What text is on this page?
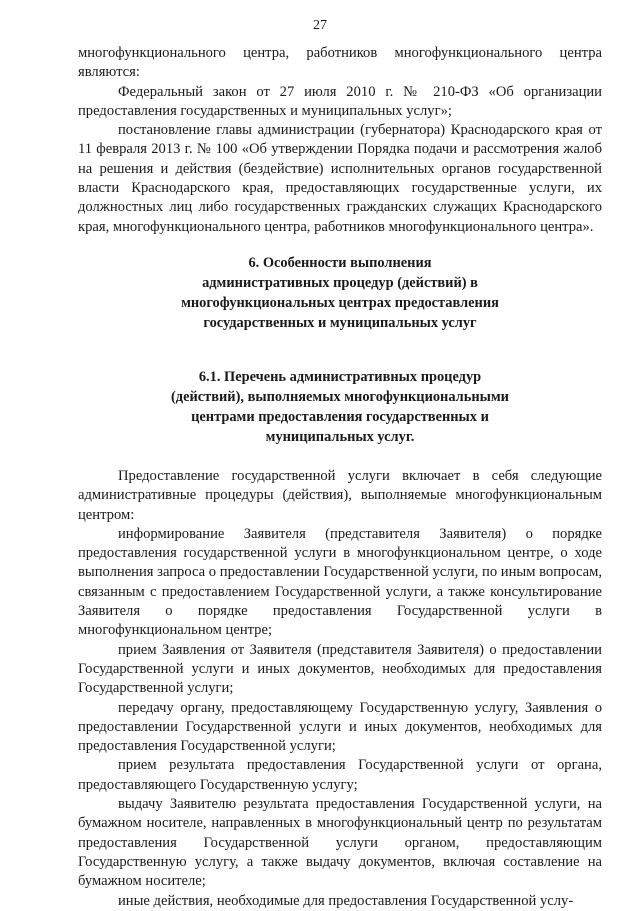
27

многофункционального центра, работников многофункционального центра являются:

Федеральный закон от 27 июля 2010 г. № 210-ФЗ «Об организации предоставления государственных и муниципальных услуг»;

постановление главы администрации (губернатора) Краснодарского края от 11 февраля 2013 г. № 100 «Об утверждении Порядка подачи и рассмотрения жалоб на решения и действия (бездействие) исполнительных органов государственной власти Краснодарского края, предоставляющих государственные услуги, их должностных лиц либо государственных гражданских служащих Краснодарского края, многофункционального центра, работников многофункционального центра».

6. Особенности выполнения
административных процедур (действий) в
многофункциональных центрах предоставления
государственных и муниципальных услуг
6.1. Перечень административных процедур
(действий), выполняемых многофункциональными
центрами предоставления государственных и
муниципальных услуг.

Предоставление государственной услуги включает в себя следующие административные процедуры (действия), выполняемые многофункциональным центром:

информирование Заявителя (представителя Заявителя) о порядке предоставления государственной услуги в многофункциональном центре, о ходе выполнения запроса о предоставлении Государственной услуги, по иным вопросам, связанным с предоставлением Государственной услуги, а также консультирование Заявителя о порядке предоставления Государственной услуги в многофункциональном центре;

прием Заявления от Заявителя (представителя Заявителя) о предоставлении Государственной услуги и иных документов, необходимых для предоставления Государственной услуги;

передачу органу, предоставляющему Государственную услугу, Заявления о предоставлении Государственной услуги и иных документов, необходимых для предоставления Государственной услуги;

прием результата предоставления Государственной услуги от органа, предоставляющего Государственную услугу;

выдачу Заявителю результата предоставления Государственной услуги, на бумажном носителе, направленных в многофункциональный центр по результатам предоставления Государственной услуги органом, предоставляющим Государственную услугу, а также выдачу документов, включая составление на бумажном носителе;

иные действия, необходимые для предоставления Государственной услу-
